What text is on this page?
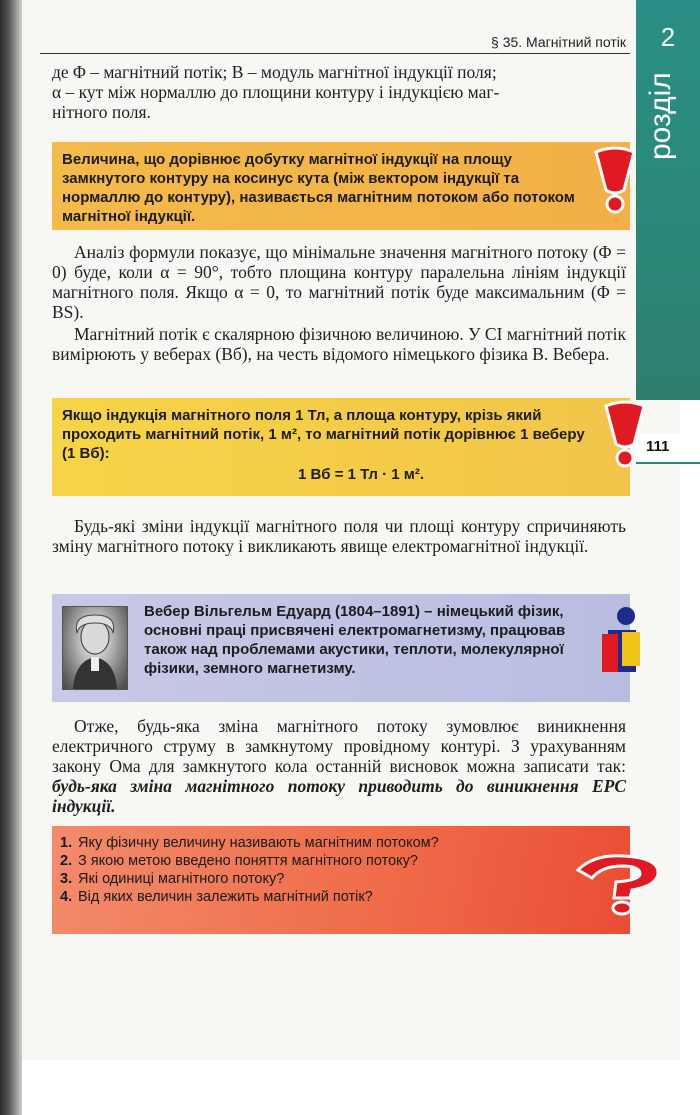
§ 35. Магнітний потік	2
розділ
111
де Φ – магнітний потік; B – модуль магнітної індукції поля;
α – кут між нормаллю до площини контуру і індукцією маг-
нітного поля.
Величина, що дорівнює добутку магнітної індукції на площу замкнутого контуру на косинус кута (між вектором індукції та нормаллю до контуру), називається магнітним потоком або потоком магнітної індукції.
Аналіз формули показує, що мінімальне значення магнітного потоку (Φ = 0) буде, коли α = 90°, тобто площина контуру паралельна лініям індукції магнітного поля. Якщо α = 0, то магнітний потік буде максимальним (Φ = BS).
Магнітний потік є скалярною фізичною величиною. У СІ магнітний потік вимірюють у веберах (Вб), на честь відомого німецького фізика В. Вебера.
Якщо індукція магнітного поля 1 Тл, а площа контуру, крізь який проходить магнітний потік, 1 м², то магнітний потік дорівнює 1 веберу (1 Вб):
1 Вб = 1 Тл · 1 м².
Будь-які зміни індукції магнітного поля чи площі контуру спричиняють зміну магнітного потоку і викликають явище електромагнітної індукції.
Вебер Вільгельм Едуард (1804–1891) – німецький фізик, основні праці присвячені електромагнетизму, працював також над проблемами акустики, теплоти, молекулярної фізики, земного магнетизму.
Отже, будь-яка зміна магнітного потоку зумовлює виникнення електричного струму в замкнутому провідному контурі. З урахуванням закону Ома для замкнутого кола останній висновок можна записати так: будь-яка зміна магнітного потоку приводить до виникнення ЕРС індукції.
1. Яку фізичну величину називають магнітним потоком?
2. З якою метою введено поняття магнітного потоку?
3. Які одиниці магнітного потоку?
4. Від яких величин залежить магнітний потік?
